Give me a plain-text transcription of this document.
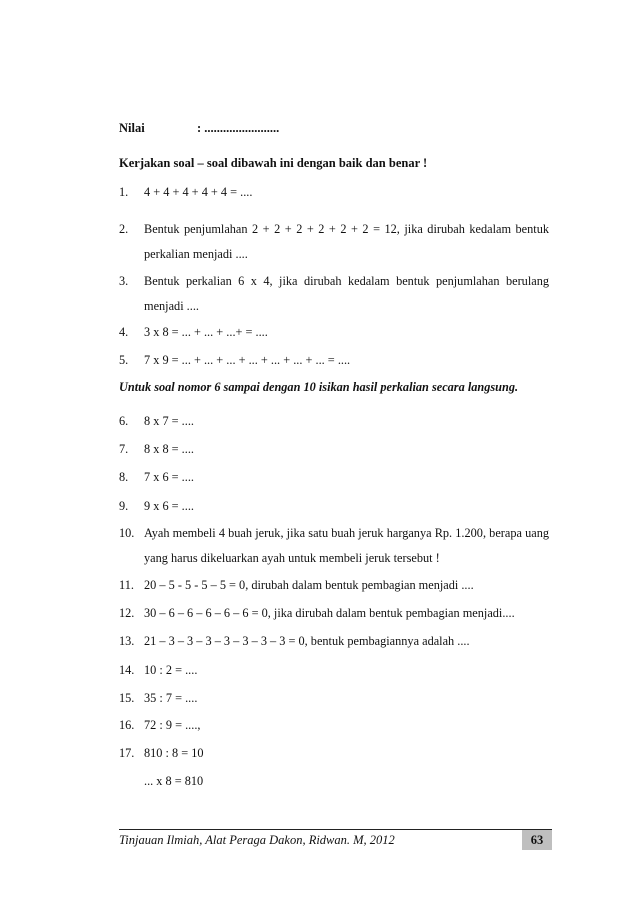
Nilai	: ........................
Kerjakan soal – soal dibawah ini dengan baik dan benar !
1. 4 + 4 + 4 + 4 + 4 = ....
2. Bentuk penjumlahan 2 + 2 + 2 + 2 + 2 + 2 = 12, jika dirubah kedalam bentuk perkalian menjadi ....
3. Bentuk perkalian 6 x 4, jika dirubah kedalam bentuk penjumlahan berulang menjadi ....
4. 3 x 8 = ... + ... + ...+ = ....
5. 7 x 9 = ... + ... + ... + ... + ... + ... + ... = ....
Untuk soal nomor 6 sampai dengan 10 isikan hasil perkalian secara langsung.
6. 8 x 7 = ....
7. 8 x 8 = ....
8. 7 x 6 = ....
9. 9 x 6 = ....
10. Ayah membeli 4 buah jeruk, jika satu buah jeruk harganya Rp. 1.200, berapa uang yang harus dikeluarkan ayah untuk membeli jeruk tersebut !
11. 20 – 5 - 5 - 5 – 5 = 0, dirubah dalam bentuk pembagian menjadi ....
12. 30 – 6 – 6 – 6 – 6 – 6 = 0, jika dirubah dalam bentuk pembagian menjadi....
13. 21 – 3 – 3 – 3 – 3 – 3 – 3 – 3 = 0, bentuk pembagiannya adalah ....
14. 10 : 2 = ....
15. 35 : 7 = ....
16. 72 : 9 = ....,
17. 810 : 8 = 10
... x 8 = 810
Tinjauan Ilmiah, Alat Peraga Dakon, Ridwan. M, 2012	63
